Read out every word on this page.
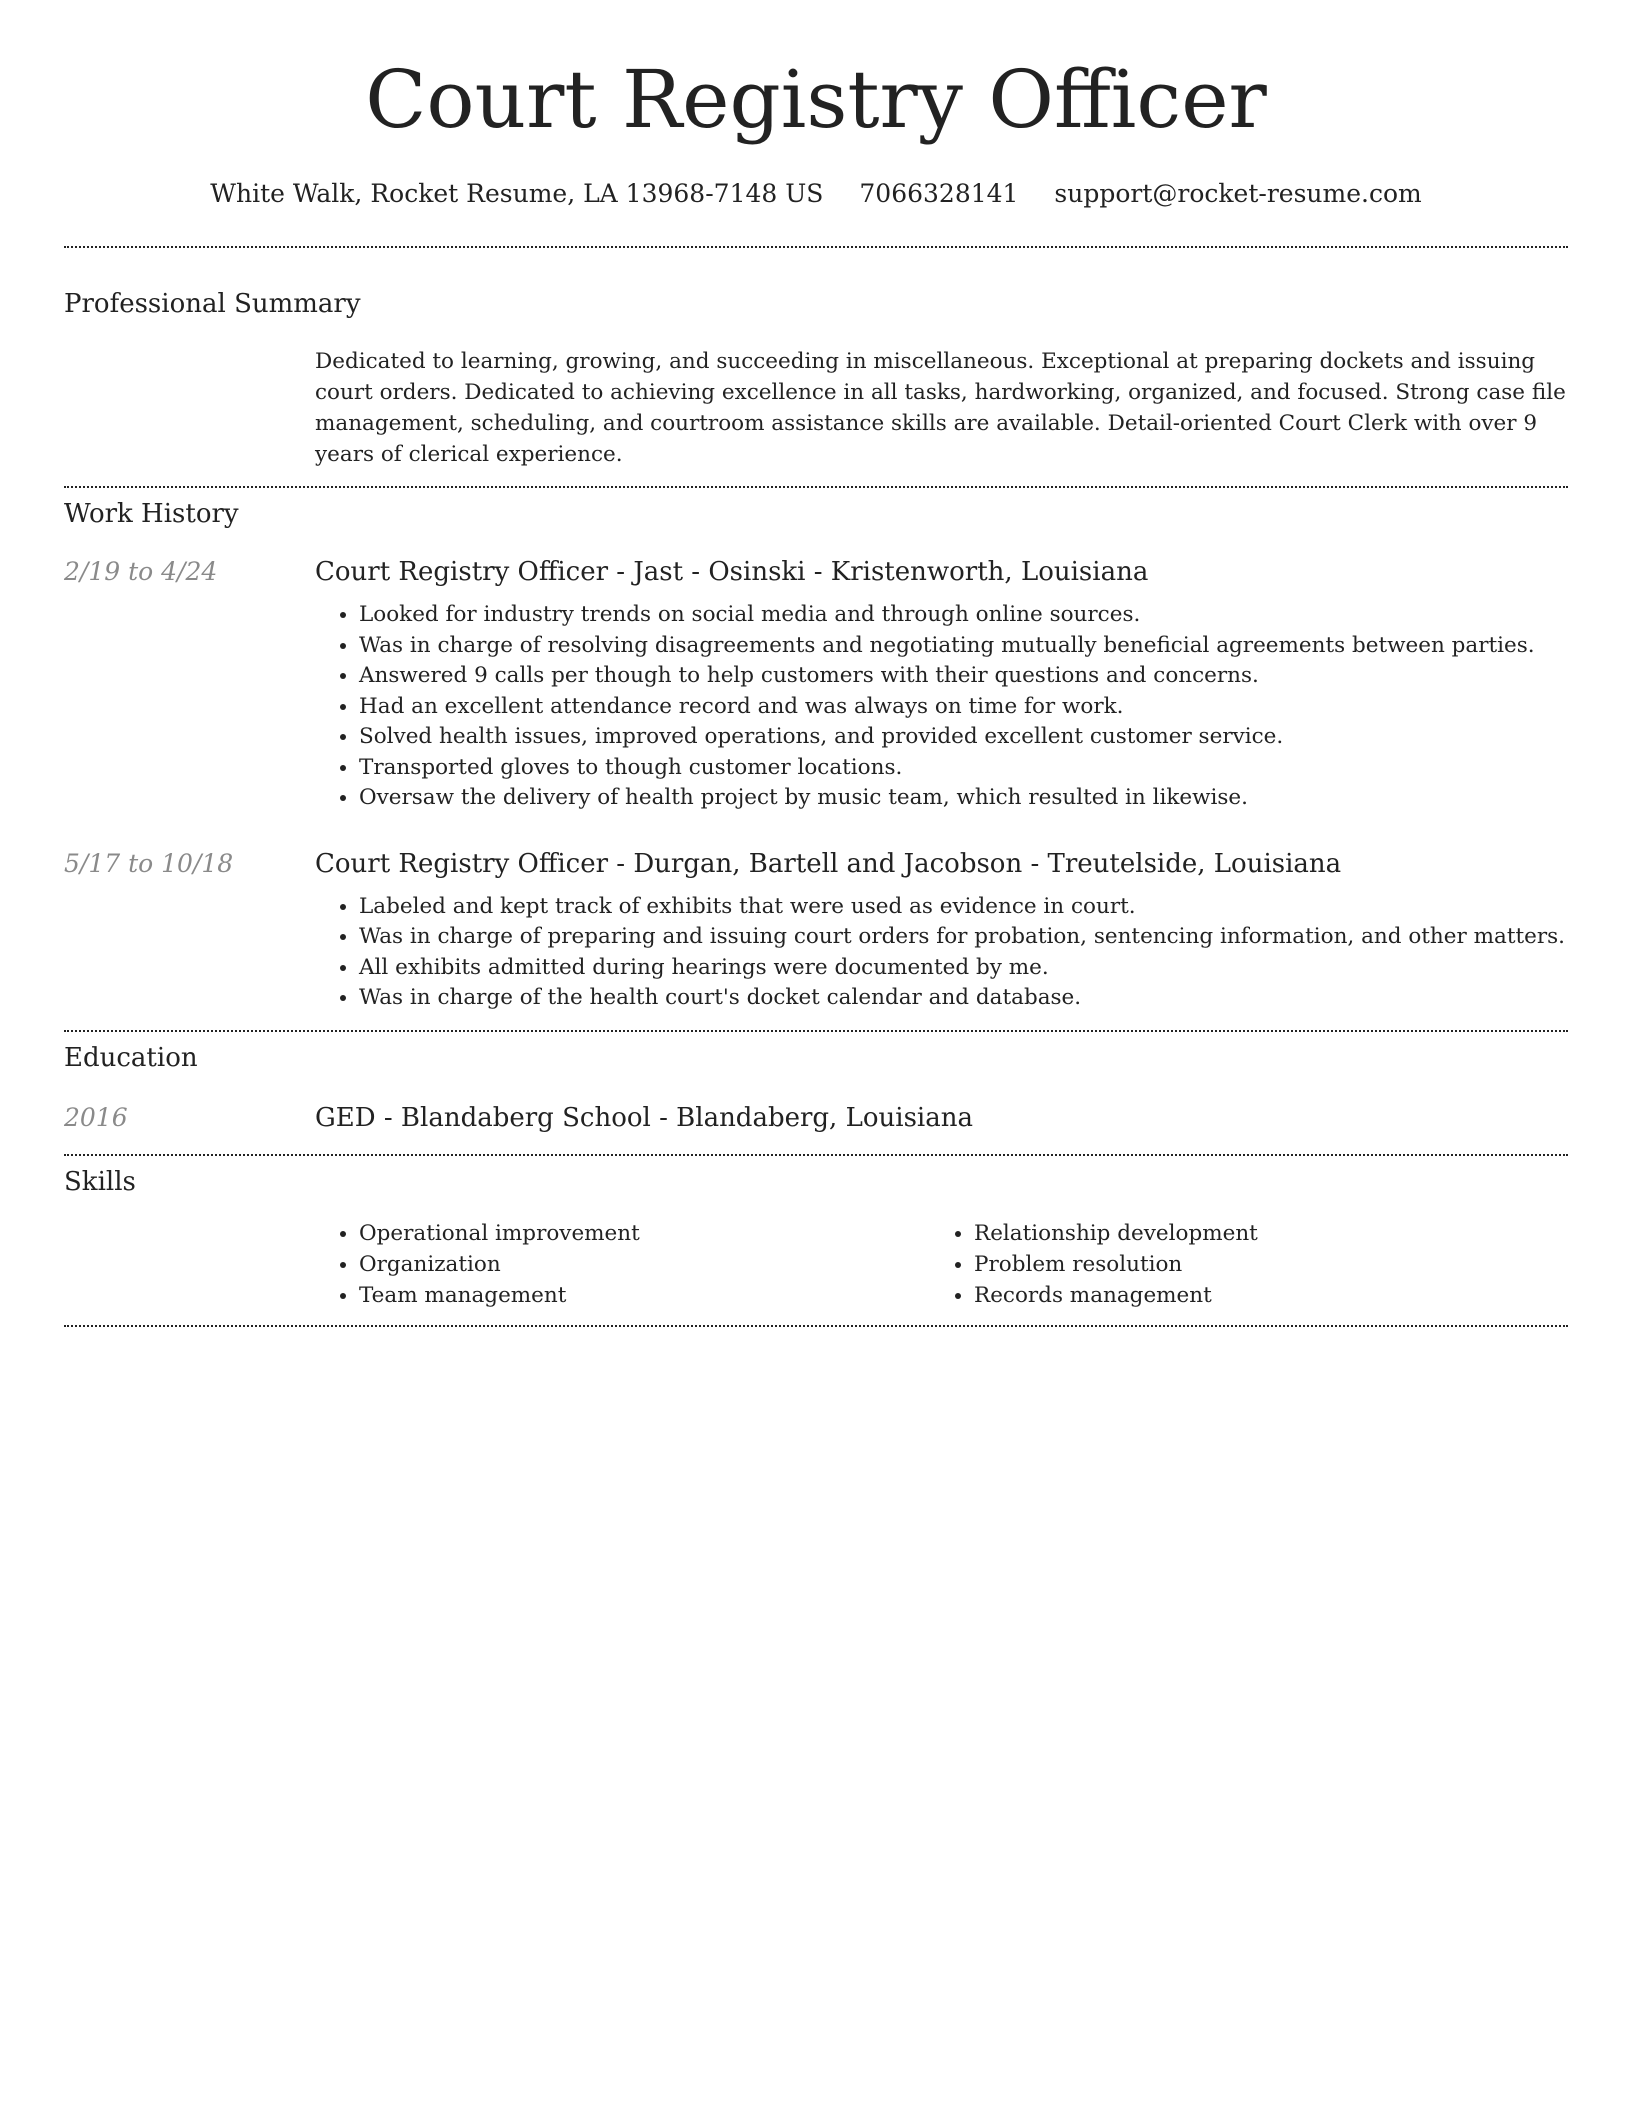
Court Registry Officer
White Walk, Rocket Resume, LA 13968-7148 US 7066328141 support@rocket-resume.com
Professional Summary
Dedicated to learning, growing, and succeeding in miscellaneous. Exceptional at preparing dockets and issuing court orders. Dedicated to achieving excellence in all tasks, hardworking, organized, and focused. Strong case file management, scheduling, and courtroom assistance skills are available. Detail-oriented Court Clerk with over 9 years of clerical experience.
Work History
2/19 to 4/24	Court Registry Officer - Jast - Osinski - Kristenworth, Louisiana
• Looked for industry trends on social media and through online sources.
• Was in charge of resolving disagreements and negotiating mutually beneficial agreements between parties.
• Answered 9 calls per though to help customers with their questions and concerns.
• Had an excellent attendance record and was always on time for work.
• Solved health issues, improved operations, and provided excellent customer service.
• Transported gloves to though customer locations.
• Oversaw the delivery of health project by music team, which resulted in likewise.
5/17 to 10/18	Court Registry Officer - Durgan, Bartell and Jacobson - Treutelside, Louisiana
• Labeled and kept track of exhibits that were used as evidence in court.
• Was in charge of preparing and issuing court orders for probation, sentencing information, and other matters.
• All exhibits admitted during hearings were documented by me.
• Was in charge of the health court's docket calendar and database.
Education
2016	GED - Blandaberg School - Blandaberg, Louisiana
Skills
• Operational improvement
• Organization
• Team management
• Relationship development
• Problem resolution
• Records management
